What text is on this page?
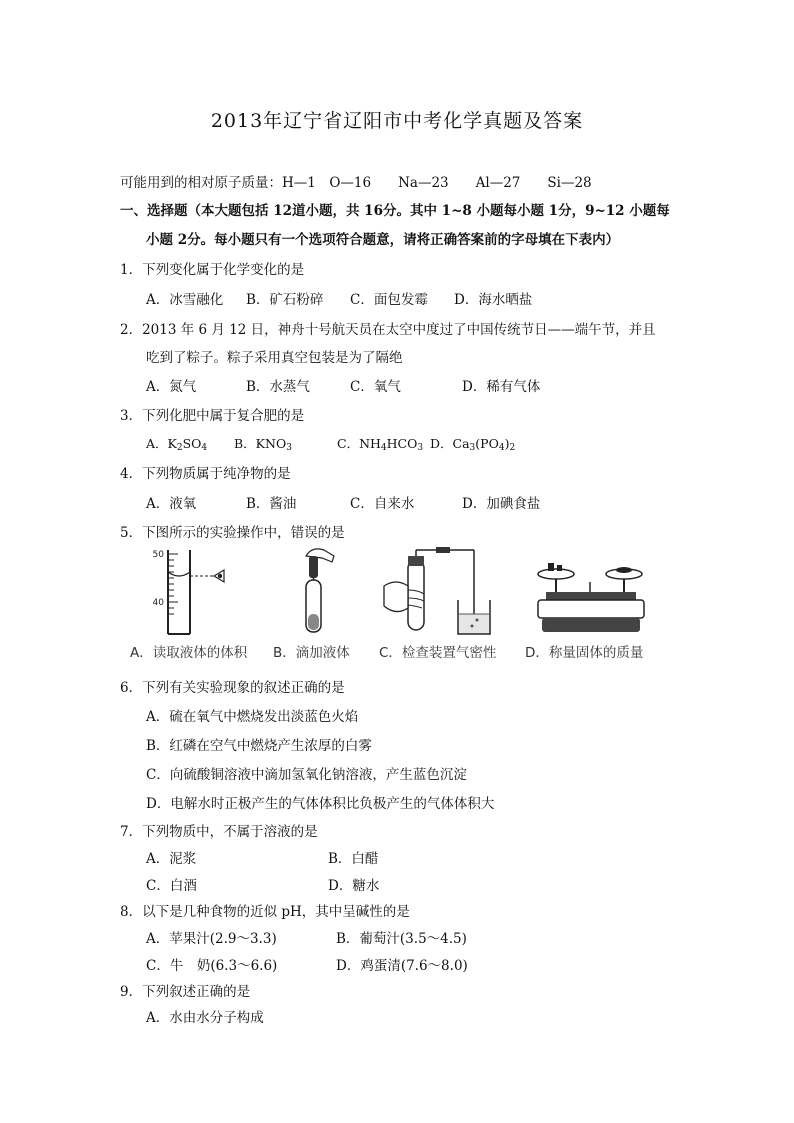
2013年辽宁省辽阳市中考化学真题及答案
可能用到的相对原子质量：H—1　O—16　　Na—23　　Al—27　　Si—28
一、选择题（本大题包括 12道小题，共 16分。其中 1~8 小题每小题 1分，9~12 小题每
小题 2分。每小题只有一个选项符合题意，请将正确答案前的字母填在下表内）
1．下列变化属于化学变化的是
A．冰雪融化 B．矿石粉碎 C．面包发霉 D．海水晒盐
2．2013 年 6 月 12 日，神舟十号航天员在太空中度过了中国传统节日——端午节，并且
吃到了粽子。粽子采用真空包装是为了隔绝
A．氮气	B．水蒸气	C．氧气	D．稀有气体
3．下列化肥中属于复合肥的是
A．$K_2SO_4$ B．$KNO_3$	C．$NH_4HCO_3$ D．$Ca_3(PO_4)_2$
4．下列物质属于纯净物的是
A．液氧	B．酱油	C．自来水	D．加碘食盐
5．下图所示的实验操作中，错误的是
50
40
A．读取液体的体积 B．滴加液体 C．检查装置气密性 D．称量固体的质量
6．下列有关实验现象的叙述正确的是
A．硫在氧气中燃烧发出淡蓝色火焰
B．红磷在空气中燃烧产生浓厚的白雾
C．向硫酸铜溶液中滴加氢氧化钠溶液，产生蓝色沉淀
D．电解水时正极产生的气体体积比负极产生的气体体积大
7．下列物质中，不属于溶液的是
A．泥浆	B．白醋
C．白酒	D．糖水
8．以下是几种食物的近似 pH，其中呈碱性的是
A．苹果汁(2.9～3.3)	B．葡萄汁(3.5～4.5)
C．牛　奶(6.3～6.6)	D．鸡蛋清(7.6～8.0)
9．下列叙述正确的是
A．水由水分子构成
